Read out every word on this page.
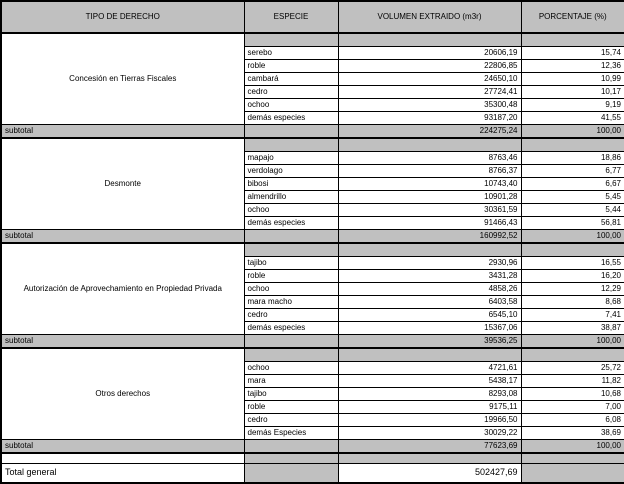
TIPO DE DERECHO	ESPECIE	VOLUMEN EXTRAIDO (m3r)	PORCENTAJE (%)
Concesión en Tierras Fiscales			
	serebo	20606,19	15,74
	roble	22806,85	12,36
	cambará	24650,10	10,99
	cedro	27724,41	10,17
	ochoo	35300,48	9,19
	demás especies	93187,20	41,55
subtotal		224275,24	100,00
Desmonte			
	mapajo	8763,46	18,86
	verdolago	8766,37	6,77
	bibosi	10743,40	6,67
	almendrillo	10901,28	5,45
	ochoo	30361,59	5,44
	demás especies	91466,43	56,81
subtotal		160992,52	100,00
Autorización de Aprovechamiento en Propiedad Privada			
	tajibo	2930,96	16,55
	roble	3431,28	16,20
	ochoo	4858,26	12,29
	mara macho	6403,58	8,68
	cedro	6545,10	7,41
	demás especies	15367,06	38,87
subtotal		39536,25	100,00
Otros derechos			
	ochoo	4721,61	25,72
	mara	5438,17	11,82
	tajibo	8293,08	10,68
	roble	9175,11	7,00
	cedro	19966,50	6,08
	demás Especies	30029,22	38,69
subtotal		77623,69	100,00

Total general		502427,69	
